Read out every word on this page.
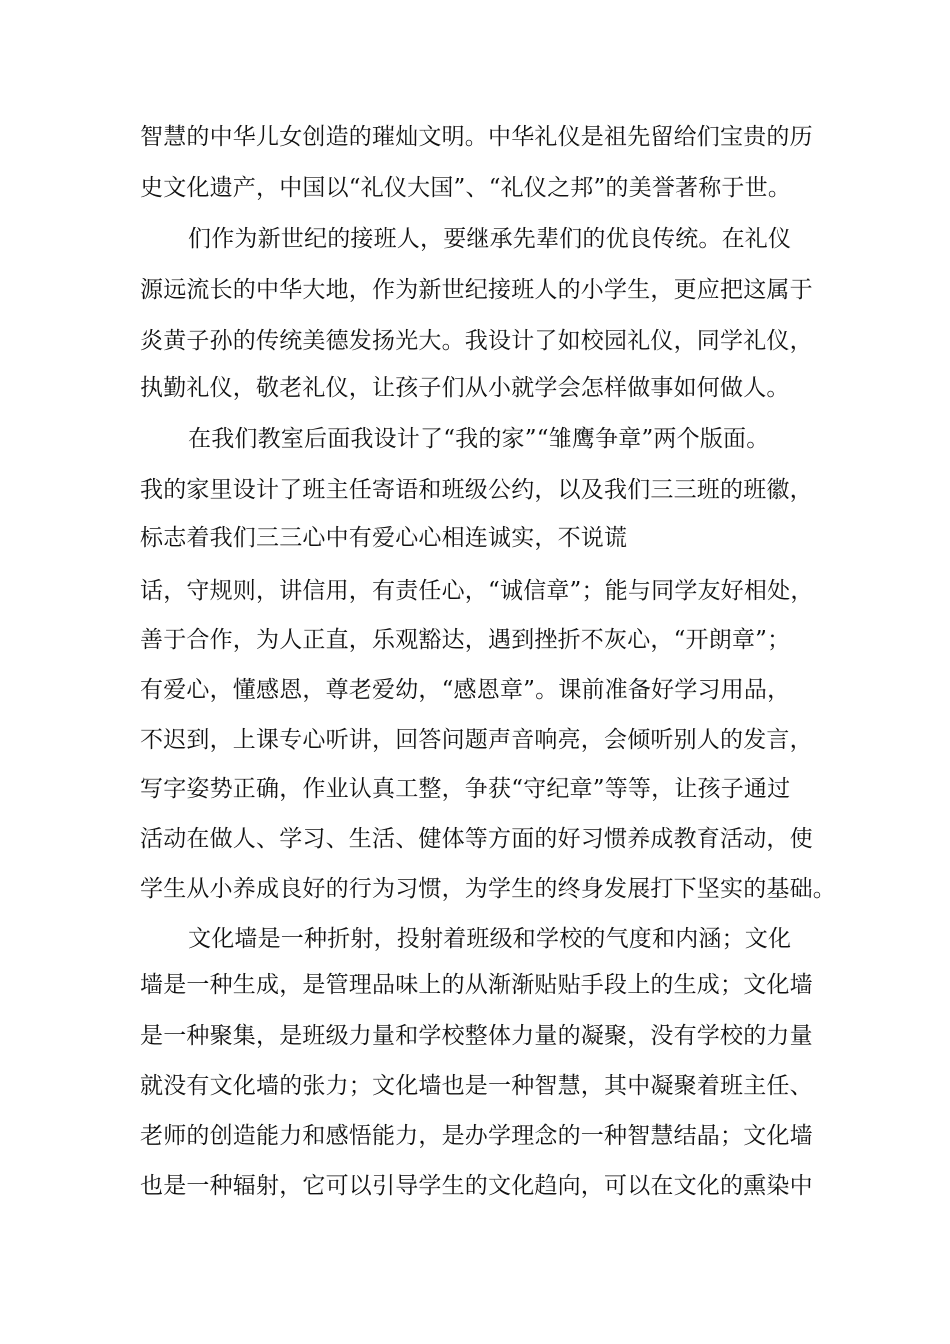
智慧的中华儿女创造的璀灿文明。中华礼仪是祖先留给们宝贵的历
史文化遗产，中国以“礼仪大国”、“礼仪之邦”的美誉著称于世。
们作为新世纪的接班人，要继承先辈们的优良传统。在礼仪
源远流长的中华大地，作为新世纪接班人的小学生，更应把这属于
炎黄子孙的传统美德发扬光大。我设计了如校园礼仪，同学礼仪，
执勤礼仪，敬老礼仪，让孩子们从小就学会怎样做事如何做人。
在我们教室后面我设计了“我的家”“雏鹰争章”两个版面。
我的家里设计了班主任寄语和班级公约，以及我们三三班的班徽，
标志着我们三三心中有爱心心相连诚实，不说谎
话，守规则，讲信用，有责任心，“诚信章”；能与同学友好相处，
善于合作，为人正直，乐观豁达，遇到挫折不灰心，“开朗章”；
有爱心，懂感恩，尊老爱幼，“感恩章”。课前准备好学习用品，
不迟到，上课专心听讲，回答问题声音响亮，会倾听别人的发言，
写字姿势正确，作业认真工整，争获“守纪章”等等，让孩子通过
活动在做人、学习、生活、健体等方面的好习惯养成教育活动，使
学生从小养成良好的行为习惯，为学生的终身发展打下坚实的基础。
文化墙是一种折射，投射着班级和学校的气度和内涵；文化
墙是一种生成，是管理品味上的从渐渐贴贴手段上的生成；文化墙
是一种聚集，是班级力量和学校整体力量的凝聚，没有学校的力量
就没有文化墙的张力；文化墙也是一种智慧，其中凝聚着班主任、
老师的创造能力和感悟能力，是办学理念的一种智慧结晶；文化墙
也是一种辐射，它可以引导学生的文化趋向，可以在文化的熏染中
